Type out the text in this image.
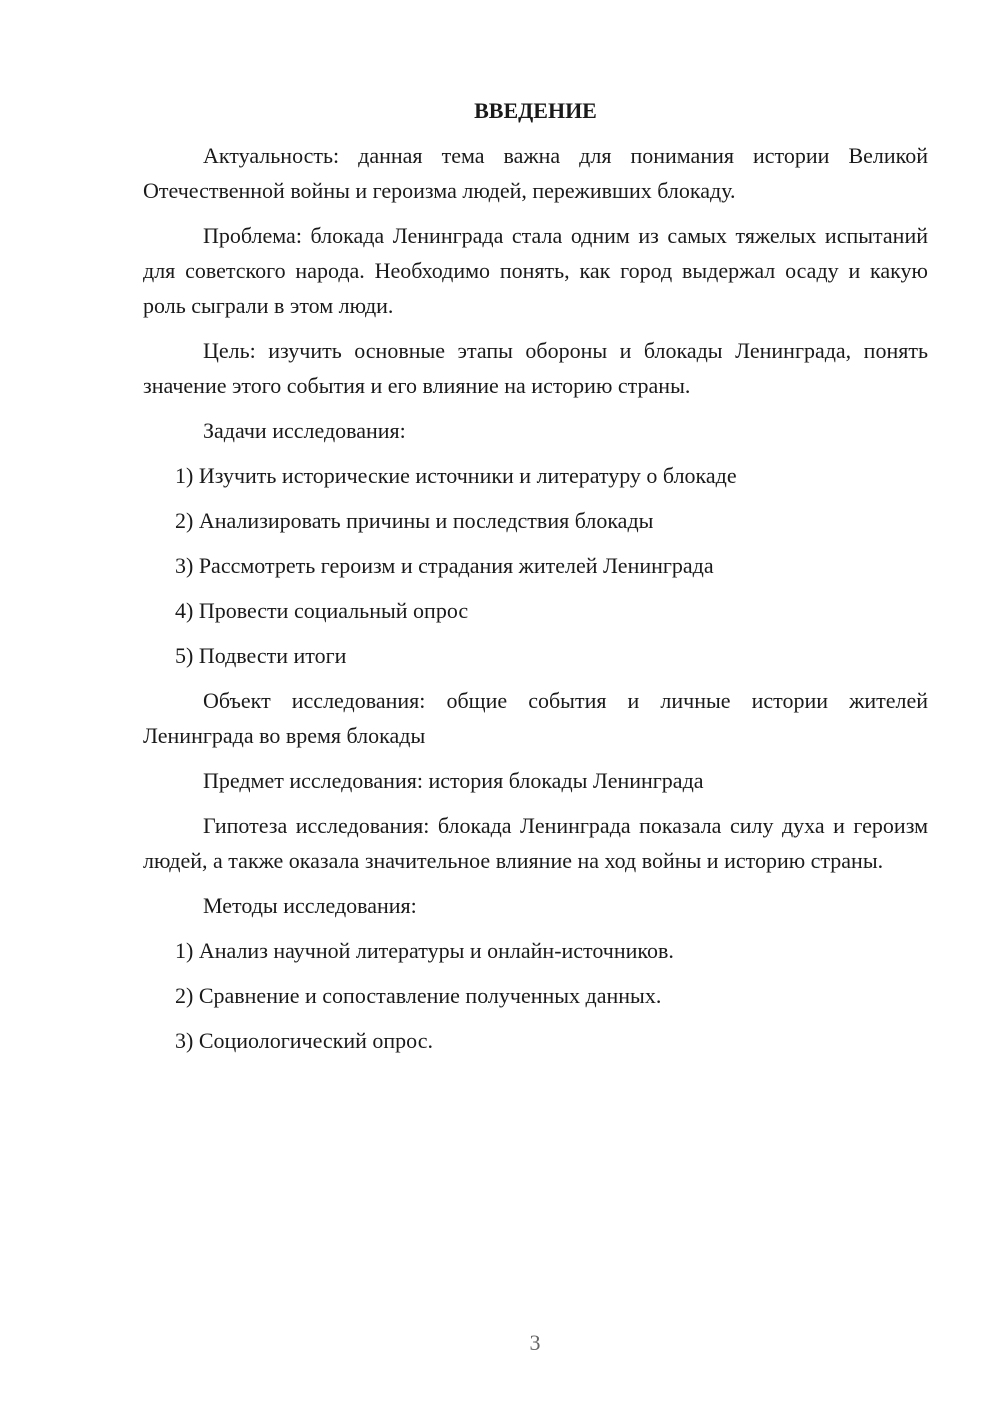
ВВЕДЕНИЕ

Актуальность: данная тема важна для понимания истории Великой Отечественной войны и героизма людей, переживших блокаду.

Проблема: блокада Ленинграда стала одним из самых тяжелых испытаний для советского народа. Необходимо понять, как город выдержал осаду и какую роль сыграли в этом люди.

Цель: изучить основные этапы обороны и блокады Ленинграда, понять значение этого события и его влияние на историю страны.

Задачи исследования:

1) Изучить исторические источники и литературу о блокаде

2) Анализировать причины и последствия блокады

3) Рассмотреть героизм и страдания жителей Ленинграда

4) Провести социальный опрос

5) Подвести итоги

Объект исследования: общие события и личные истории жителей Ленинграда во время блокады

Предмет исследования: история блокады Ленинграда

Гипотеза исследования: блокада Ленинграда показала силу духа и героизм людей, а также оказала значительное влияние на ход войны и историю страны.

Методы исследования:

1) Анализ научной литературы и онлайн-источников.

2) Сравнение и сопоставление полученных данных.

3) Социологический опрос.

3
